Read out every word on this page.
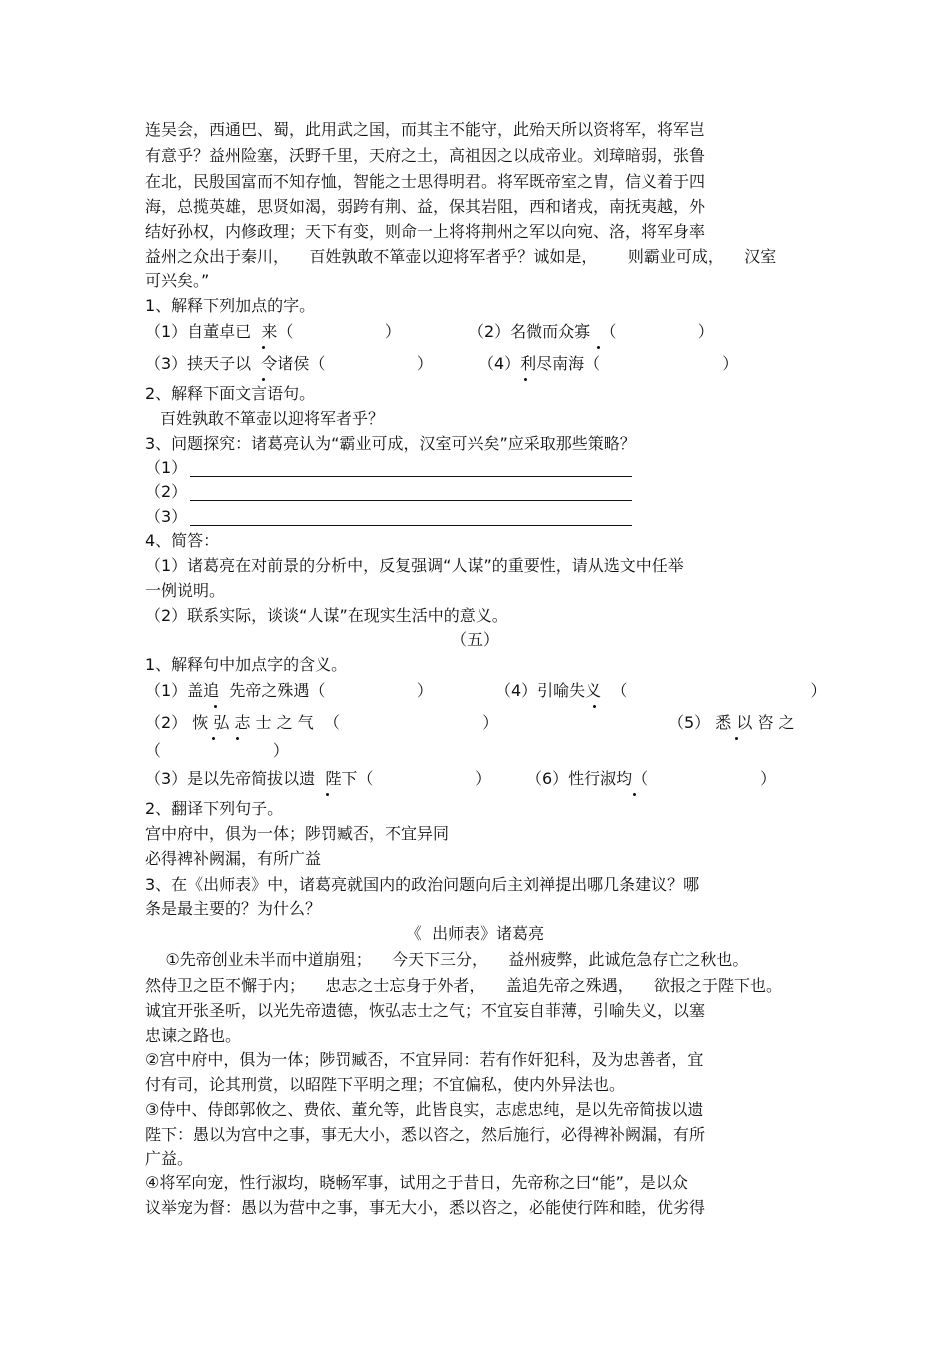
连吴会，西通巴、蜀，此用武之国，而其主不能守，此殆天所以资将军，将军岂
有意乎？益州险塞，沃野千里，天府之土，高祖因之以成帝业。刘璋暗弱，张鲁
在北，民殷国富而不知存恤，智能之士思得明君。将军既帝室之胄，信义着于四
海，总揽英雄，思贤如渴，弱跨有荆、益，保其岩阻，西和诸戎，南抚夷越，外
结好孙权，内修政理；天下有变，则命一上将将荆州之军以向宛、洛，将军身率
益州之众出于秦川，    百姓孰敢不箪壶以迎将军者乎？诚如是，      则霸业可成，    汉室
可兴矣。”
1、解释下列加点的字。
（1）自董卓已  来（                  ）	（2）名微而众寡  （                ）
（3）挟天子以  令诸侯（                  ）	（4）利尽南海（                        ）
2、解释下面文言语句。
百姓孰敢不箪壶以迎将军者乎？
3、问题探究：诸葛亮认为“霸业可成，汉室可兴矣”应采取那些策略？
（1）
（2）
（3）
4、简答：
（1）诸葛亮在对前景的分析中，反复强调“人谋”的重要性，请从选文中任举
一例说明。
（2）联系实际，谈谈“人谋”在现实生活中的意义。
（五）
1、解释句中加点字的含义。
（1）盖追  先帝之殊遇（                  ）	（4）引喻失义  （                                    ）
（2） 恢 弘 志 士 之 气  （                            ）	（5） 悉 以 咨 之
（                      ）
（3）是以先帝简拔以遗  陛下（                    ） （6）性行淑均（                      ）
2、翻译下列句子。
宫中府中，俱为一体；陟罚臧否，不宜异同
必得裨补阙漏，有所广益
3、在《出师表》中，诸葛亮就国内的政治问题向后主刘禅提出哪几条建议？哪
条是最主要的？为什么？
《  出师表》诸葛亮
①先帝创业未半而中道崩殂；    今天下三分，    益州疲弊，此诚危急存亡之秋也。
然侍卫之臣不懈于内；    忠志之士忘身于外者，    盖追先帝之殊遇，    欲报之于陛下也。
诚宜开张圣听，以光先帝遗德，恢弘志士之气；不宜妄自菲薄，引喻失义，以塞
忠谏之路也。
②宫中府中，俱为一体；陟罚臧否，不宜异同：若有作奸犯科，及为忠善者，宜
付有司，论其刑赏，以昭陛下平明之理；不宜偏私，使内外异法也。
③侍中、侍郎郭攸之、费依、董允等，此皆良实，志虑忠纯，是以先帝简拔以遗
陛下：愚以为宫中之事，事无大小，悉以咨之，然后施行，必得裨补阙漏，有所
广益。
④将军向宠，性行淑均，晓畅军事，试用之于昔日，先帝称之曰“能”，是以众
议举宠为督：愚以为营中之事，事无大小，悉以咨之，必能使行阵和睦，优劣得
